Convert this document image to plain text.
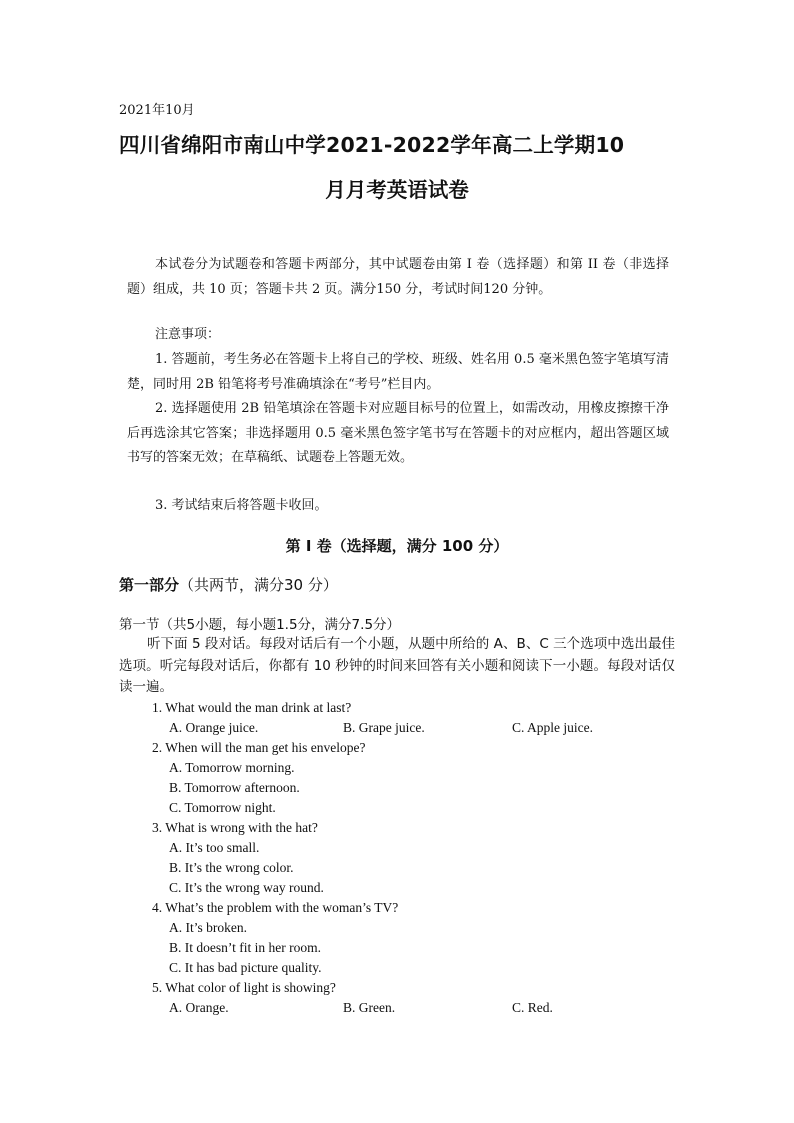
2021年10月
四川省绵阳市南山中学2021-2022学年高二上学期10
月月考英语试卷
本试卷分为试题卷和答题卡两部分，其中试题卷由第 I 卷（选择题）和第 II 卷（非选择题）组成，共 10 页；答题卡共 2 页。满分150 分，考试时间120 分钟。
注意事项：
1. 答题前，考生务必在答题卡上将自己的学校、班级、姓名用 0.5 毫米黑色签字笔填写清楚，同时用 2B 铅笔将考号准确填涂在“考号”栏目内。
2. 选择题使用 2B 铅笔填涂在答题卡对应题目标号的位置上，如需改动，用橡皮擦擦干净后再选涂其它答案；非选择题用 0.5 毫米黑色签字笔书写在答题卡的对应框内，超出答题区域书写的答案无效；在草稿纸、试题卷上答题无效。
3. 考试结束后将答题卡收回。
第 I 卷（选择题，满分 100 分）
第一部分（共两节，满分30 分）
第一节（共5小题，每小题1.5分，满分7.5分）
听下面 5 段对话。每段对话后有一个小题，从题中所给的 A、B、C 三个选项中选出最佳选项。听完每段对话后，你都有 10 秒钟的时间来回答有关小题和阅读下一小题。每段对话仅读一遍。
1. What would the man drink at last?
A. Orange juice.	B. Grape juice.	C. Apple juice.
2. When will the man get his envelope?
A. Tomorrow morning.
B. Tomorrow afternoon.
C. Tomorrow night.
3. What is wrong with the hat?
A. It’s too small.
B. It’s the wrong color.
C. It’s the wrong way round.
4. What’s the problem with the woman’s TV?
A. It’s broken.
B. It doesn’t fit in her room.
C. It has bad picture quality.
5. What color of light is showing?
A. Orange.	B. Green.	C. Red.
